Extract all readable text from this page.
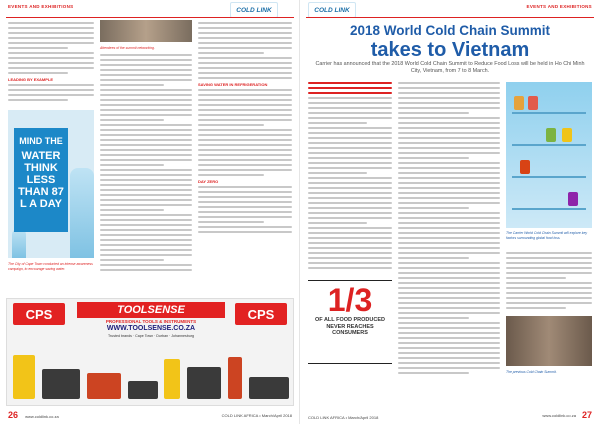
EVENTS AND EXHIBITIONS	COLD LINK
LEADING BY EXAMPLE
MIND THE
WATER THINK LESS THAN 87 L A DAY
The City of Cape Town conducted an intense awareness campaign, to encourage saving water.
Attendees of the summit networking.
SAVING WATER IN REFRIGERATION
DAY ZERO
CPS	TOOLSENSE	CPS
PROFESSIONAL TOOLS & INSTRUMENTS
WWW.TOOLSENSE.CO.ZA
Trusted brands · Cape Town · Durban · Johannesburg
26 www.coldlink.co.za	COLD LINK AFRICA • March/April 2018
COLD LINK	EVENTS AND EXHIBITIONS
2018 World Cold Chain Summit
takes to Vietnam
Carrier has announced that the 2018 World Cold Chain Summit to Reduce Food Loss will be held in Ho Chi Minh City, Vietnam, from 7 to 8 March.
1/3
OF ALL FOOD PRODUCED NEVER REACHES CONSUMERS
The Carrier World Cold Chain Summit will explore key factors surrounding global food loss.
The previous Cold Chain Summit.
COLD LINK AFRICA • March/April 2018	www.coldlink.co.za 27
